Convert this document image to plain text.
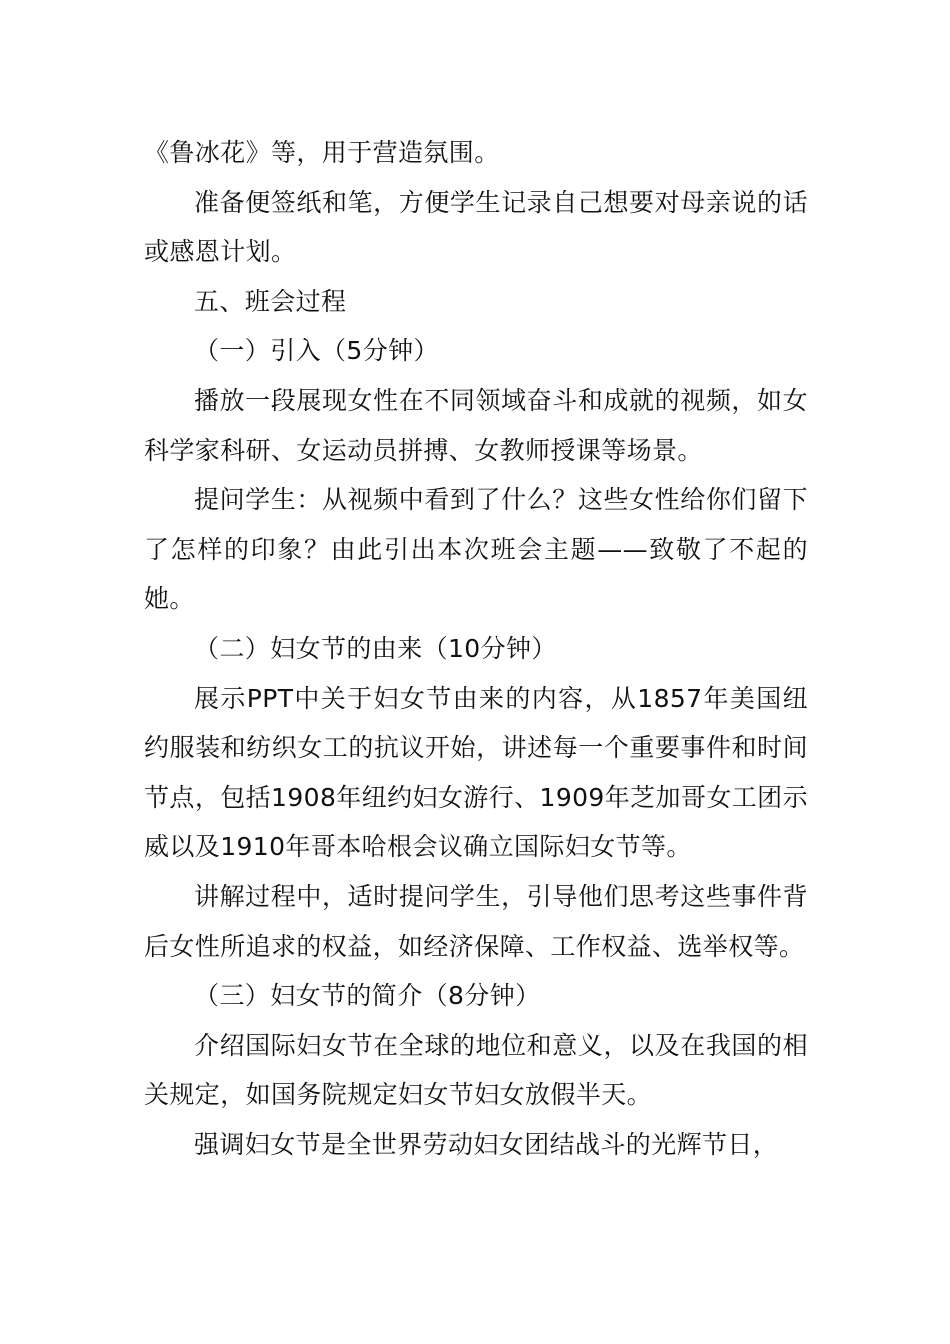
《鲁冰花》等，用于营造氛围。

准备便签纸和笔，方便学生记录自己想要对母亲说的话或感恩计划。

五、班会过程

（一）引入（5分钟）

播放一段展现女性在不同领域奋斗和成就的视频，如女科学家科研、女运动员拼搏、女教师授课等场景。

提问学生：从视频中看到了什么？这些女性给你们留下了怎样的印象？由此引出本次班会主题——致敬了不起的她。

（二）妇女节的由来（10分钟）

展示PPT中关于妇女节由来的内容，从1857年美国纽约服装和纺织女工的抗议开始，讲述每一个重要事件和时间节点，包括1908年纽约妇女游行、1909年芝加哥女工团示威以及1910年哥本哈根会议确立国际妇女节等。

讲解过程中，适时提问学生，引导他们思考这些事件背后女性所追求的权益，如经济保障、工作权益、选举权等。

（三）妇女节的简介（8分钟）

介绍国际妇女节在全球的地位和意义，以及在我国的相关规定，如国务院规定妇女节妇女放假半天。

强调妇女节是全世界劳动妇女团结战斗的光辉节日，
